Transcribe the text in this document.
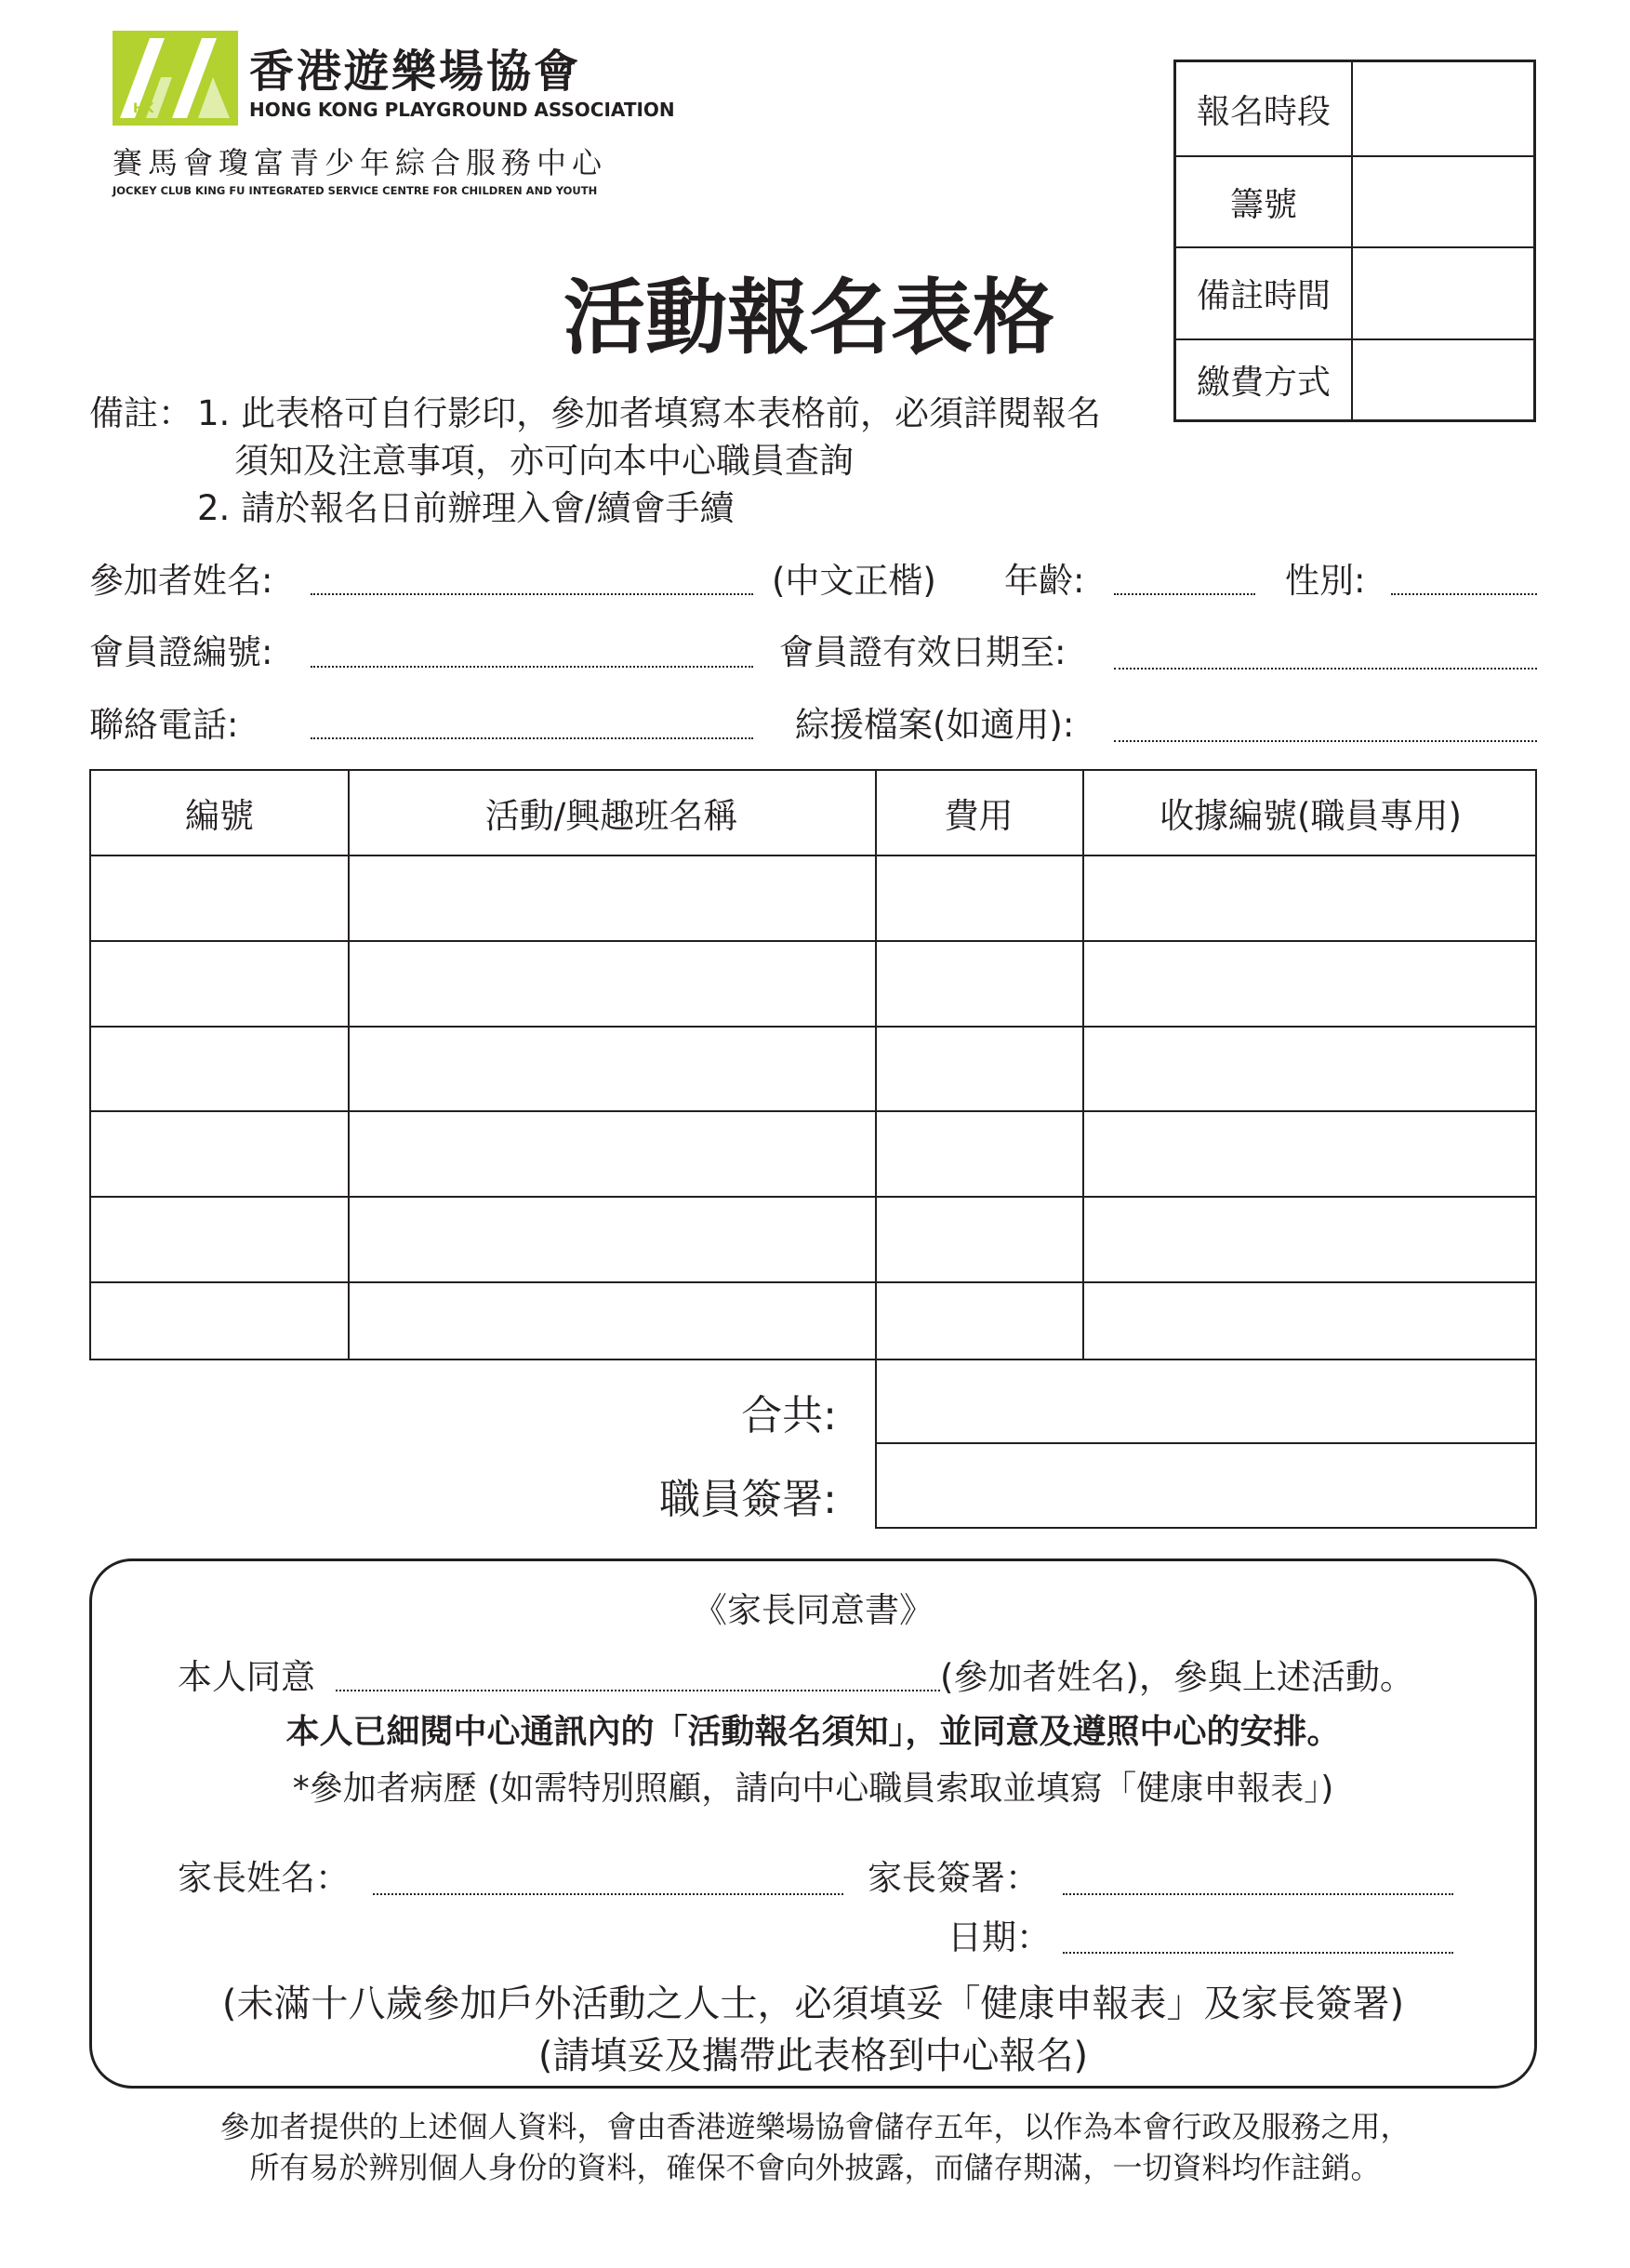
HK
香港遊樂場協會
HONG KONG PLAYGROUND ASSOCIATION
賽馬會瓊富青少年綜合服務中心
JOCKEY CLUB KING FU INTEGRATED SERVICE CENTRE FOR CHILDREN AND YOUTH
報名時段
籌號
備註時間
繳費方式
活動報名表格
備註： 1. 此表格可自行影印，參加者填寫本表格前，必須詳閱報名
須知及注意事項，亦可向本中心職員查詢
2. 請於報名日前辦理入會/續會手續
參加者姓名:	(中文正楷) 年齡:	性別:
會員證編號:	會員證有效日期至:
聯絡電話:	綜援檔案(如適用):
編號	活動/興趣班名稱	費用	收據編號(職員專用)
合共:
職員簽署:
《家長同意書》
本人同意	(參加者姓名)，參與上述活動。
本人已細閱中心通訊內的「活動報名須知」，並同意及遵照中心的安排。
*參加者病歷 (如需特別照顧，請向中心職員索取並填寫「健康申報表」)
家長姓名：	家長簽署：
日期：
(未滿十八歲參加戶外活動之人士，必須填妥「健康申報表」及家長簽署)
(請填妥及攜帶此表格到中心報名)
參加者提供的上述個人資料，會由香港遊樂場協會儲存五年，以作為本會行政及服務之用，
所有易於辨別個人身份的資料，確保不會向外披露，而儲存期滿，一切資料均作註銷。
